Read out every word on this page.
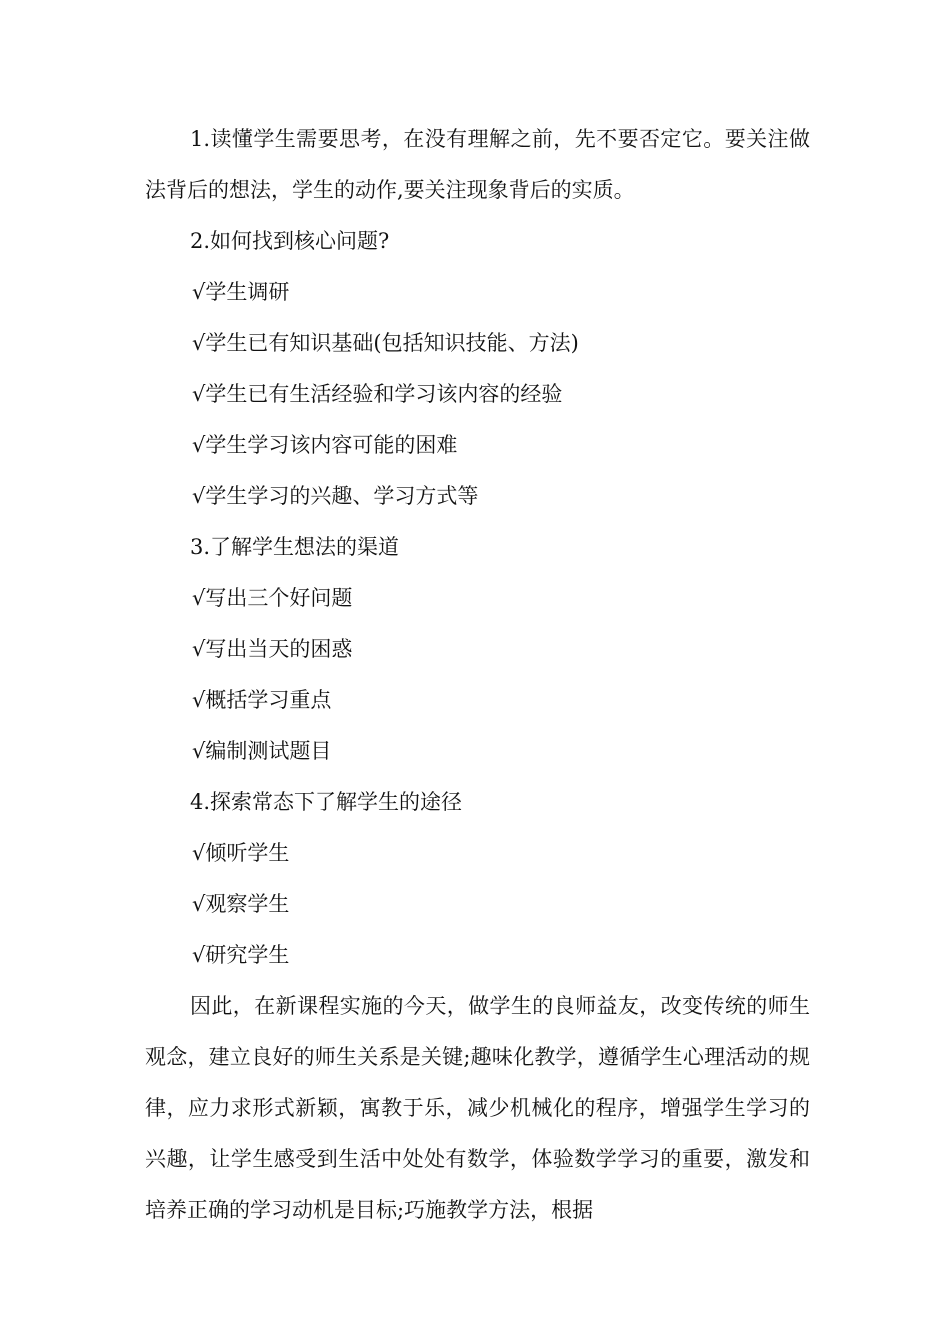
1.读懂学生需要思考，在没有理解之前，先不要否定它。要关注做法背后的想法，学生的动作,要关注现象背后的实质。

2.如何找到核心问题?

√学生调研

√学生已有知识基础(包括知识技能、方法)

√学生已有生活经验和学习该内容的经验

√学生学习该内容可能的困难

√学生学习的兴趣、学习方式等

3.了解学生想法的渠道

√写出三个好问题

√写出当天的困惑

√概括学习重点

√编制测试题目

4.探索常态下了解学生的途径

√倾听学生

√观察学生

√研究学生

因此，在新课程实施的今天，做学生的良师益友，改变传统的师生观念，建立良好的师生关系是关键;趣味化教学，遵循学生心理活动的规律，应力求形式新颖，寓教于乐，减少机械化的程序，增强学生学习的兴趣，让学生感受到生活中处处有数学，体验数学学习的重要，激发和培养正确的学习动机是目标;巧施教学方法，根据
